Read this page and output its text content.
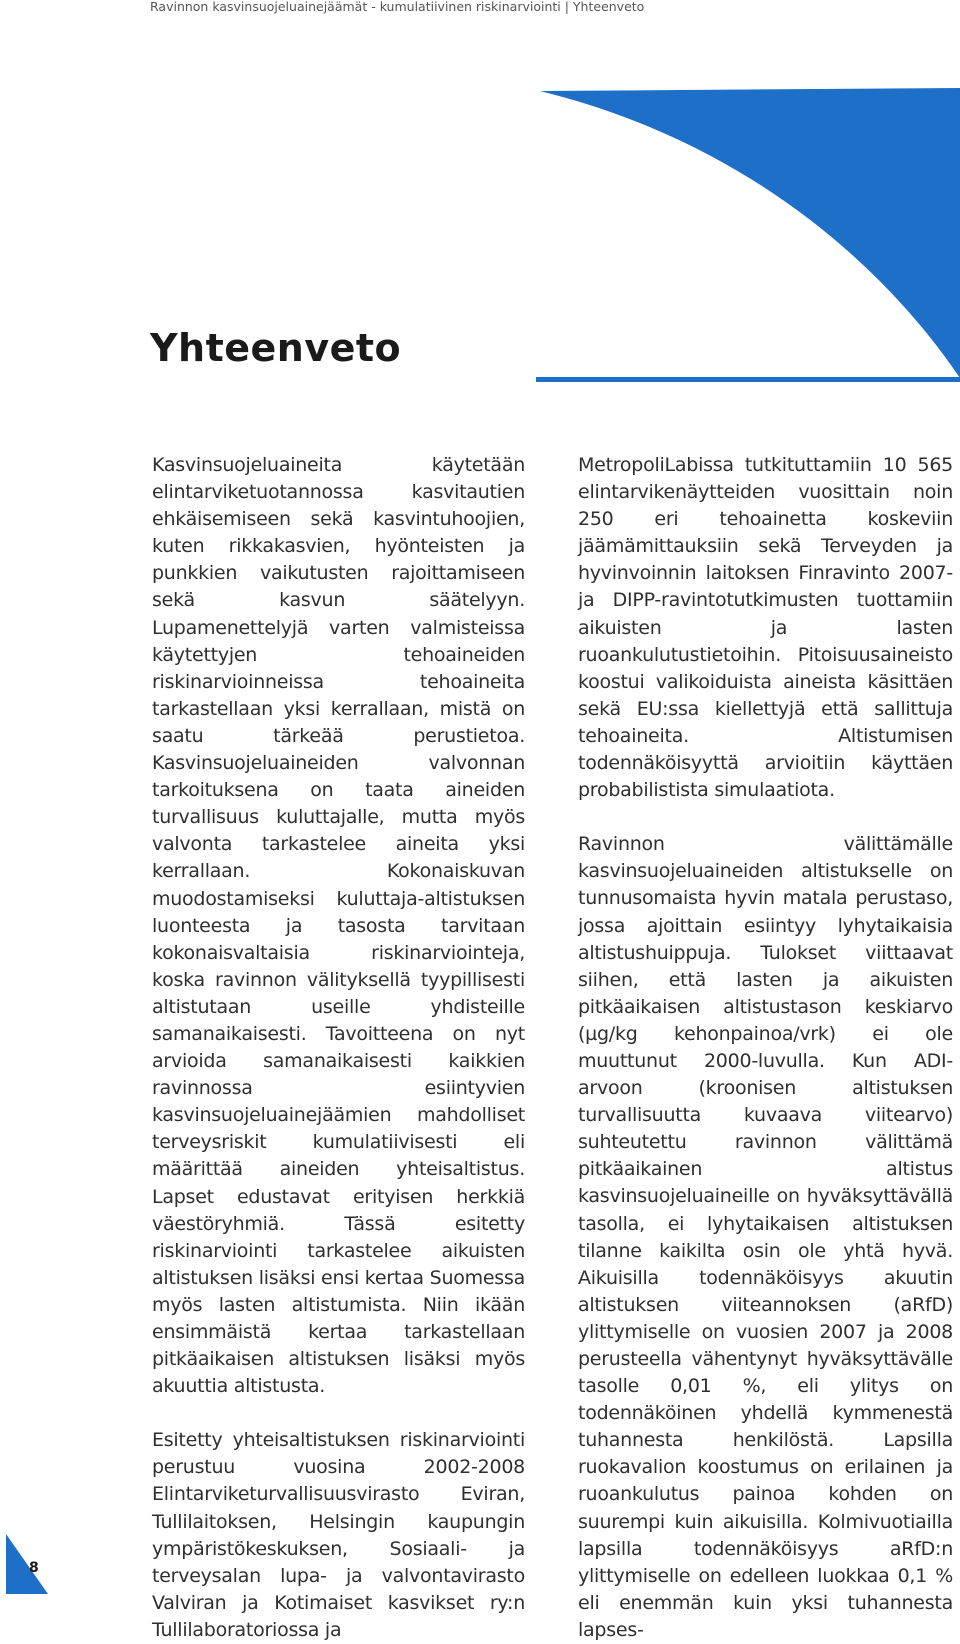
Ravinnon kasvinsuojeluainejäämät - kumulatiivinen riskinarviointi | Yhteenveto
Yhteenveto

Kasvinsuojeluaineita käytetään elintarviketuotannossa kasvitautien ehkäisemiseen sekä kasvintuhoojien, kuten rikkakasvien, hyönteisten ja punkkien vaikutusten rajoittamiseen sekä kasvun säätelyyn. Lupamenettelyjä varten valmisteissa käytettyjen tehoaineiden riskinarvioinneissa tehoaineita tarkastellaan yksi kerrallaan, mistä on saatu tärkeää perustietoa. Kasvinsuojeluaineiden valvonnan tarkoituksena on taata aineiden turvallisuus kuluttajalle, mutta myös valvonta tarkastelee aineita yksi kerrallaan. Kokonaiskuvan muodostamiseksi kuluttaja-altistuksen luonteesta ja tasosta tarvitaan kokonaisvaltaisia riskinarviointeja, koska ravinnon välityksellä tyypillisesti altistutaan useille yhdisteille samanaikaisesti. Tavoitteena on nyt arvioida samanaikaisesti kaikkien ravinnossa esiintyvien kasvinsuojeluainejäämien mahdolliset terveysriskit kumulatiivisesti eli määrittää aineiden yhteisaltistus. Lapset edustavat erityisen herkkiä väestöryhmiä. Tässä esitetty riskinarviointi tarkastelee aikuisten altistuksen lisäksi ensi kertaa Suomessa myös lasten altistumista. Niin ikään ensimmäistä kertaa tarkastellaan pitkäaikaisen altistuksen lisäksi myös akuuttia altistusta.

Esitetty yhteisaltistuksen riskinarviointi perustuu vuosina 2002-2008 Elintarviketurvallisuusvirasto Eviran, Tullilaitoksen, Helsingin kaupungin ympäristökeskuksen, Sosiaali- ja terveysalan lupa- ja valvontavirasto Valviran ja Kotimaiset kasvikset ry:n Tullilaboratoriossa ja

MetropoliLabissa tutkituttamiin 10 565 elintarvikenäytteiden vuosittain noin 250 eri tehoainetta koskeviin jäämämittauksiin sekä Terveyden ja hyvinvoinnin laitoksen Finravinto 2007- ja DIPP-ravintotutkimusten tuottamiin aikuisten ja lasten ruoankulutustietoihin. Pitoisuusaineisto koostui valikoiduista aineista käsittäen sekä EU:ssa kiellettyjä että sallittuja tehoaineita. Altistumisen todennäköisyyttä arvioitiin käyttäen probabilistista simulaatiota.

Ravinnon välittämälle kasvinsuojeluaineiden altistukselle on tunnusomaista hyvin matala perustaso, jossa ajoittain esiintyy lyhytaikaisia altistushuippuja. Tulokset viittaavat siihen, että lasten ja aikuisten pitkäaikaisen altistustason keskiarvo (µg/kg kehonpainoa/vrk) ei ole muuttunut 2000-luvulla. Kun ADI-arvoon (kroonisen altistuksen turvallisuutta kuvaava viitearvo) suhteutettu ravinnon välittämä pitkäaikainen altistus kasvinsuojeluaineille on hyväksyttävällä tasolla, ei lyhytaikaisen altistuksen tilanne kaikilta osin ole yhtä hyvä. Aikuisilla todennäköisyys akuutin altistuksen viiteannoksen (aRfD) ylittymiselle on vuosien 2007 ja 2008 perusteella vähentynyt hyväksyttävälle tasolle 0,01 %, eli ylitys on todennäköinen yhdellä kymmenestä tuhannesta henkilöstä. Lapsilla ruokavalion koostumus on erilainen ja ruoankulutus painoa kohden on suurempi kuin aikuisilla. Kolmivuotiailla lapsilla todennäköisyys aRfD:n ylittymiselle on edelleen luokkaa 0,1 % eli enemmän kuin yksi tuhannesta lapses-

8
